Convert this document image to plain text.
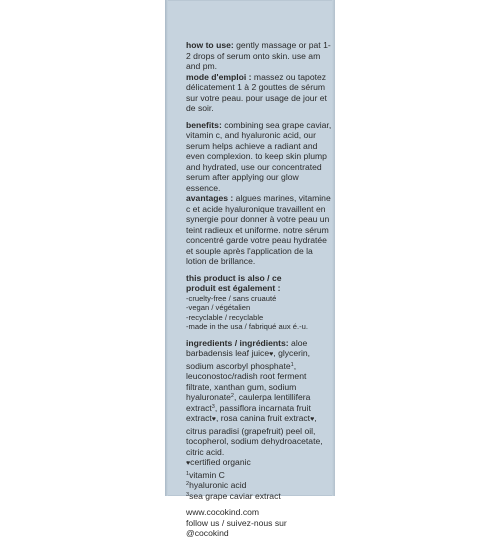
how to use: gently massage or pat 1-2 drops of serum onto skin. use am and pm.

mode d'emploi : massez ou tapotez délicatement 1 à 2 gouttes de sérum sur votre peau. pour usage de jour et de soir.

benefits: combining sea grape caviar, vitamin c, and hyaluronic acid, our serum helps achieve a radiant and even complexion. to keep skin plump and hydrated, use our concentrated serum after applying our glow essence.

avantages : algues marines, vitamine c et acide hyaluronique travaillent en synergie pour donner à votre peau un teint radieux et uniforme. notre sérum concentré garde votre peau hydratée et souple après l'application de la lotion de brillance.

this product is also / ce

produit est également :

-cruelty-free / sans cruauté

-vegan / végétalien

-recyclable / recyclable

-made in the usa / fabriqué aux é.-u.

ingredients / ingrédients: aloe barbadensis leaf juice♥, glycerin, sodium ascorbyl phosphate$^1$, leuconostoc/radish root ferment filtrate, xanthan gum, sodium hyaluronate$^2$, caulerpa lentillifera extract$^3$, passiflora incarnata fruit extract♥, rosa canina fruit extract♥, citrus paradisi (grapefruit) peel oil, tocopherol, sodium dehydroacetate, citric acid.

♥certified organic

$^1$vitamin C

$^2$hyaluronic acid

$^3$sea grape caviar extract

www.cocokind.com

follow us / suivez-nous sur

@cocokind
